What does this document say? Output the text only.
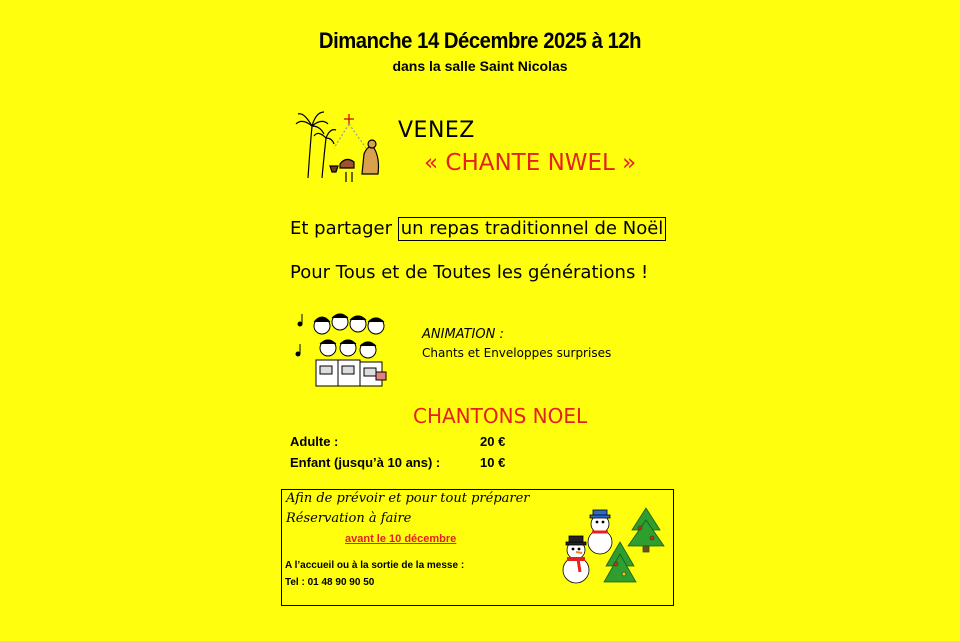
Dimanche 14 Décembre 2025 à 12h
dans la salle Saint Nicolas
VENEZ
« CHANTE NWEL »
Et partager un repas traditionnel de Noël
Pour Tous et de Toutes les générations !
ANIMATION :
Chants et Enveloppes surprises
CHANTONS NOEL
Adulte :	20 €
Enfant (jusqu’à 10 ans) :	10 €
Afin de prévoir et pour tout préparer
Réservation à faire
avant le 10 décembre
A l’accueil ou à la sortie de la messe :
Tel : 01 48 90 90 50
